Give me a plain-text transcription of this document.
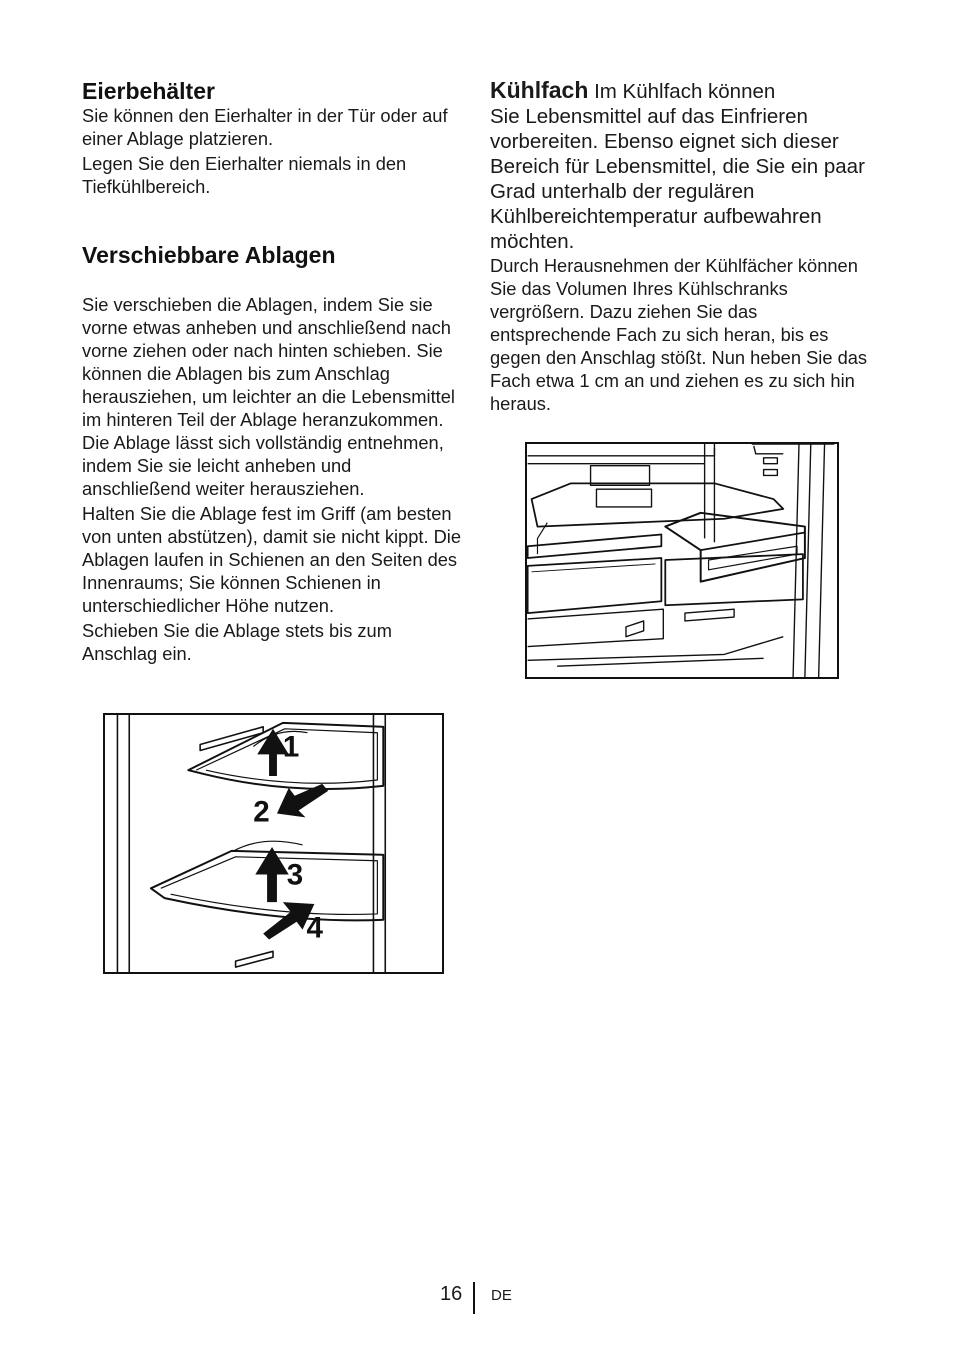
Eierbehälter

Sie können den Eierhalter in der Tür oder auf einer Ablage platzieren.

Legen Sie den Eierhalter niemals in den Tiefkühlbereich.

Verschiebbare Ablagen

Sie verschieben die Ablagen, indem Sie sie vorne etwas anheben und anschließend nach vorne ziehen oder nach hinten schieben. Sie können die Ablagen bis zum Anschlag herausziehen, um leichter an die Lebensmittel im hinteren Teil der Ablage heranzukommen. Die Ablage lässt sich vollständig entnehmen, indem Sie sie leicht anheben und anschließend weiter herausziehen.

Halten Sie die Ablage fest im Griff (am besten von unten abstützen), damit sie nicht kippt. Die Ablagen laufen in Schienen an den Seiten des Innenraums; Sie können Schienen in unterschiedlicher Höhe nutzen.

Schieben Sie die Ablage stets bis zum Anschlag ein.

1
2
3
4

Kühlfach Im Kühlfach können

Sie Lebensmittel auf das Einfrieren vorbereiten. Ebenso eignet sich dieser Bereich für Lebensmittel, die Sie ein paar Grad unterhalb der regulären Kühlbereichtemperatur aufbewahren möchten.

Durch Herausnehmen der Kühlfächer können Sie das Volumen Ihres Kühlschranks vergrößern. Dazu ziehen Sie das entsprechende Fach zu sich heran, bis es gegen den Anschlag stößt. Nun heben Sie das Fach etwa 1 cm an und ziehen es zu sich hin heraus.

16 DE
